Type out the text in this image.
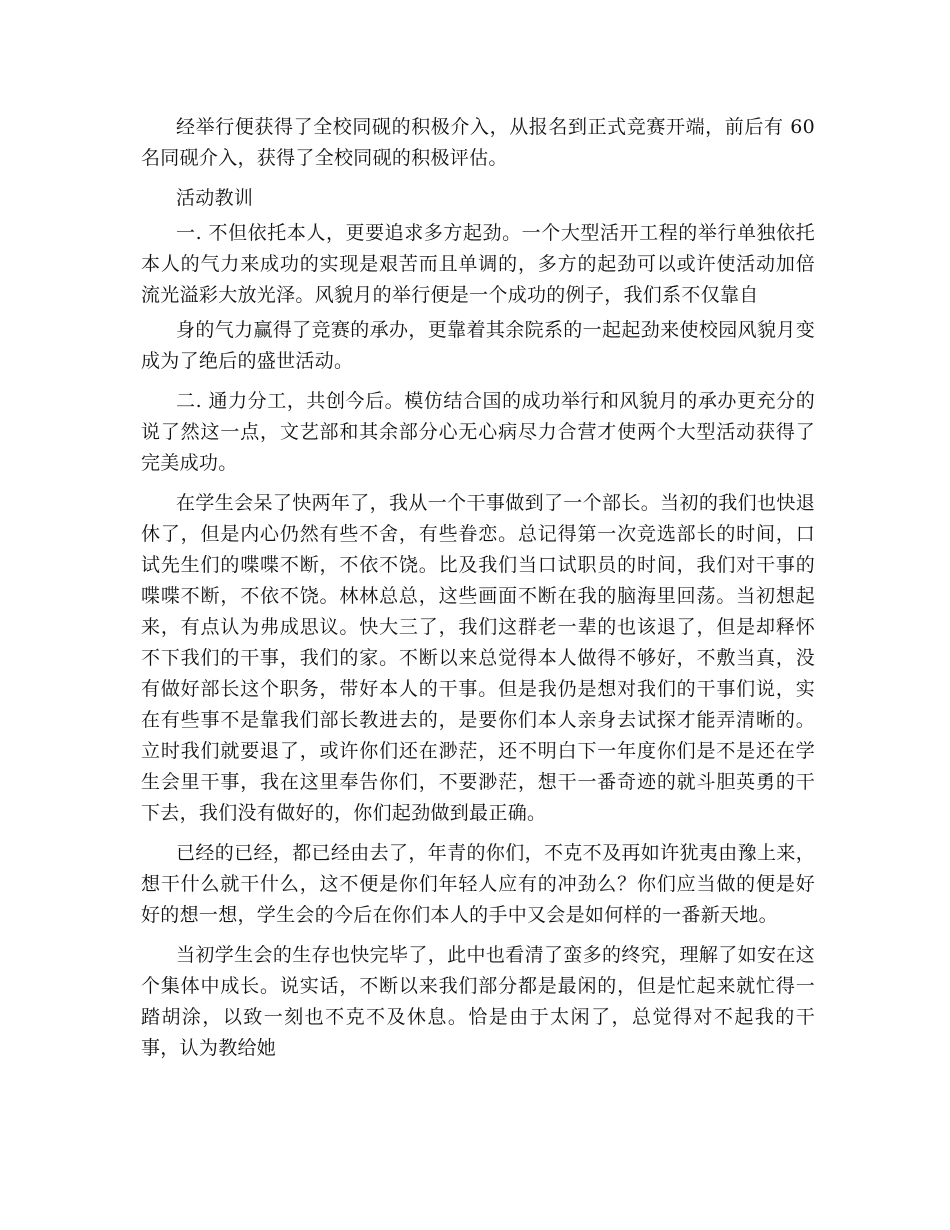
经举行便获得了全校同砚的积极介入，从报名到正式竞赛开端，前后有 60 名同砚介入，获得了全校同砚的积极评估。

活动教训

一. 不但依托本人，更要追求多方起劲。一个大型活开工程的举行单独依托本人的气力来成功的实现是艰苦而且单调的，多方的起劲可以或许使活动加倍流光溢彩大放光泽。风貌月的举行便是一个成功的例子，我们系不仅靠自

身的气力赢得了竞赛的承办，更靠着其余院系的一起起劲来使校园风貌月变成为了绝后的盛世活动。

二. 通力分工，共创今后。模仿结合国的成功举行和风貌月的承办更充分的说了然这一点，文艺部和其余部分心无心病尽力合营才使两个大型活动获得了完美成功。

在学生会呆了快两年了，我从一个干事做到了一个部长。当初的我们也快退休了，但是内心仍然有些不舍，有些眷恋。总记得第一次竞选部长的时间，口试先生们的喋喋不断，不依不饶。比及我们当口试职员的时间，我们对干事的喋喋不断，不依不饶。林林总总，这些画面不断在我的脑海里回荡。当初想起来，有点认为弗成思议。快大三了，我们这群老一辈的也该退了，但是却释怀不下我们的干事，我们的家。不断以来总觉得本人做得不够好，不敷当真，没有做好部长这个职务，带好本人的干事。但是我仍是想对我们的干事们说，实在有些事不是靠我们部长教进去的，是要你们本人亲身去试探才能弄清晰的。立时我们就要退了，或许你们还在渺茫，还不明白下一年度你们是不是还在学生会里干事，我在这里奉告你们，不要渺茫，想干一番奇迹的就斗胆英勇的干下去，我们没有做好的，你们起劲做到最正确。

已经的已经，都已经由去了，年青的你们，不克不及再如许犹夷由豫上来，想干什么就干什么，这不便是你们年轻人应有的冲劲么？你们应当做的便是好好的想一想，学生会的今后在你们本人的手中又会是如何样的一番新天地。

当初学生会的生存也快完毕了，此中也看清了蛮多的终究，理解了如安在这个集体中成长。说实话，不断以来我们部分都是最闲的，但是忙起来就忙得一踏胡涂，以致一刻也不克不及休息。恰是由于太闲了，总觉得对不起我的干事，认为教给她
